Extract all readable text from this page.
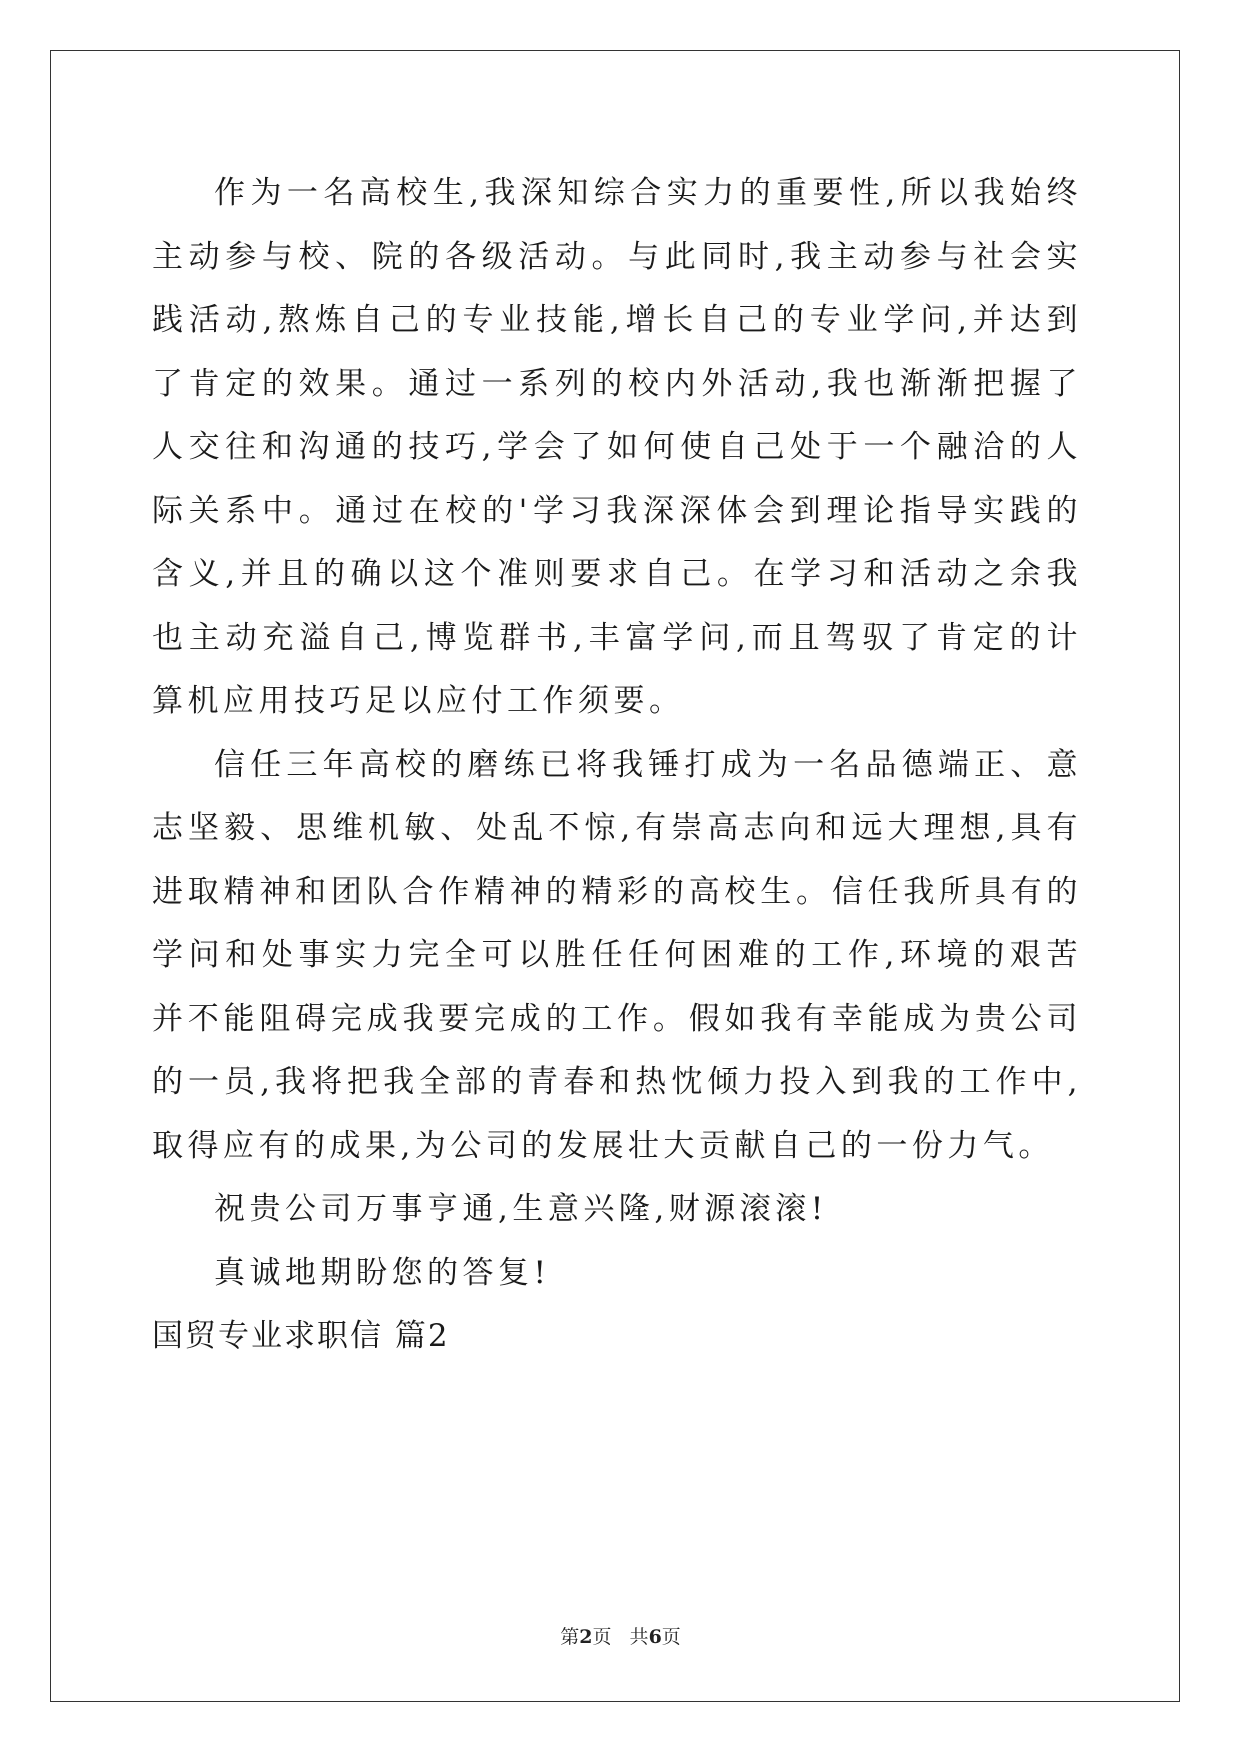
作为一名高校生,我深知综合实力的重要性,所以我始终主动参与校、院的各级活动。与此同时,我主动参与社会实践活动,熬炼自己的专业技能,增长自己的专业学问,并达到了肯定的效果。通过一系列的校内外活动,我也渐渐把握了人交往和沟通的技巧,学会了如何使自己处于一个融洽的人际关系中。通过在校的'学习我深深体会到理论指导实践的含义,并且的确以这个准则要求自己。在学习和活动之余我也主动充溢自己,博览群书,丰富学问,而且驾驭了肯定的计算机应用技巧足以应付工作须要。

信任三年高校的磨练已将我锤打成为一名品德端正、意志坚毅、思维机敏、处乱不惊,有崇高志向和远大理想,具有进取精神和团队合作精神的精彩的高校生。信任我所具有的学问和处事实力完全可以胜任任何困难的工作,环境的艰苦并不能阻碍完成我要完成的工作。假如我有幸能成为贵公司的一员,我将把我全部的青春和热忱倾力投入到我的工作中,取得应有的成果,为公司的发展壮大贡献自己的一份力气。

祝贵公司万事亨通,生意兴隆,财源滚滚!

真诚地期盼您的答复!

国贸专业求职信 篇2

第2页   共6页
